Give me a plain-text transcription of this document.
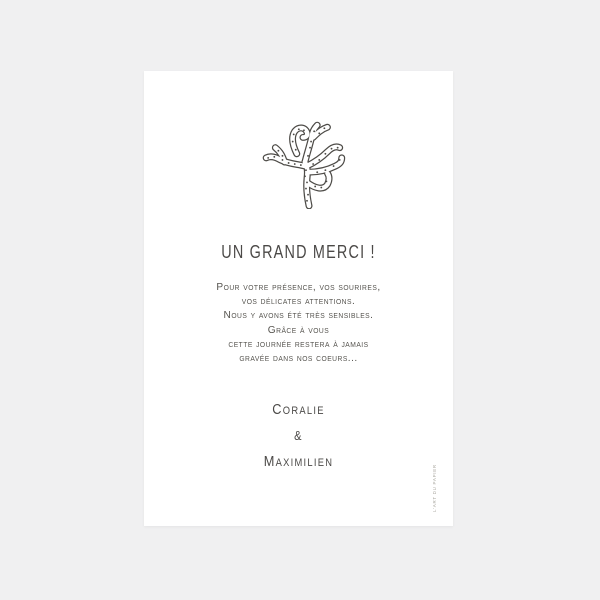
UN GRAND MERCI !

Pour votre présence, vos sourires,

vos délicates attentions.

Nous y avons été très sensibles.

Grâce à vous

cette journée restera à jamais

gravée dans nos coeurs...

Coralie
&
Maximilien
L'ART DU PAPIER
